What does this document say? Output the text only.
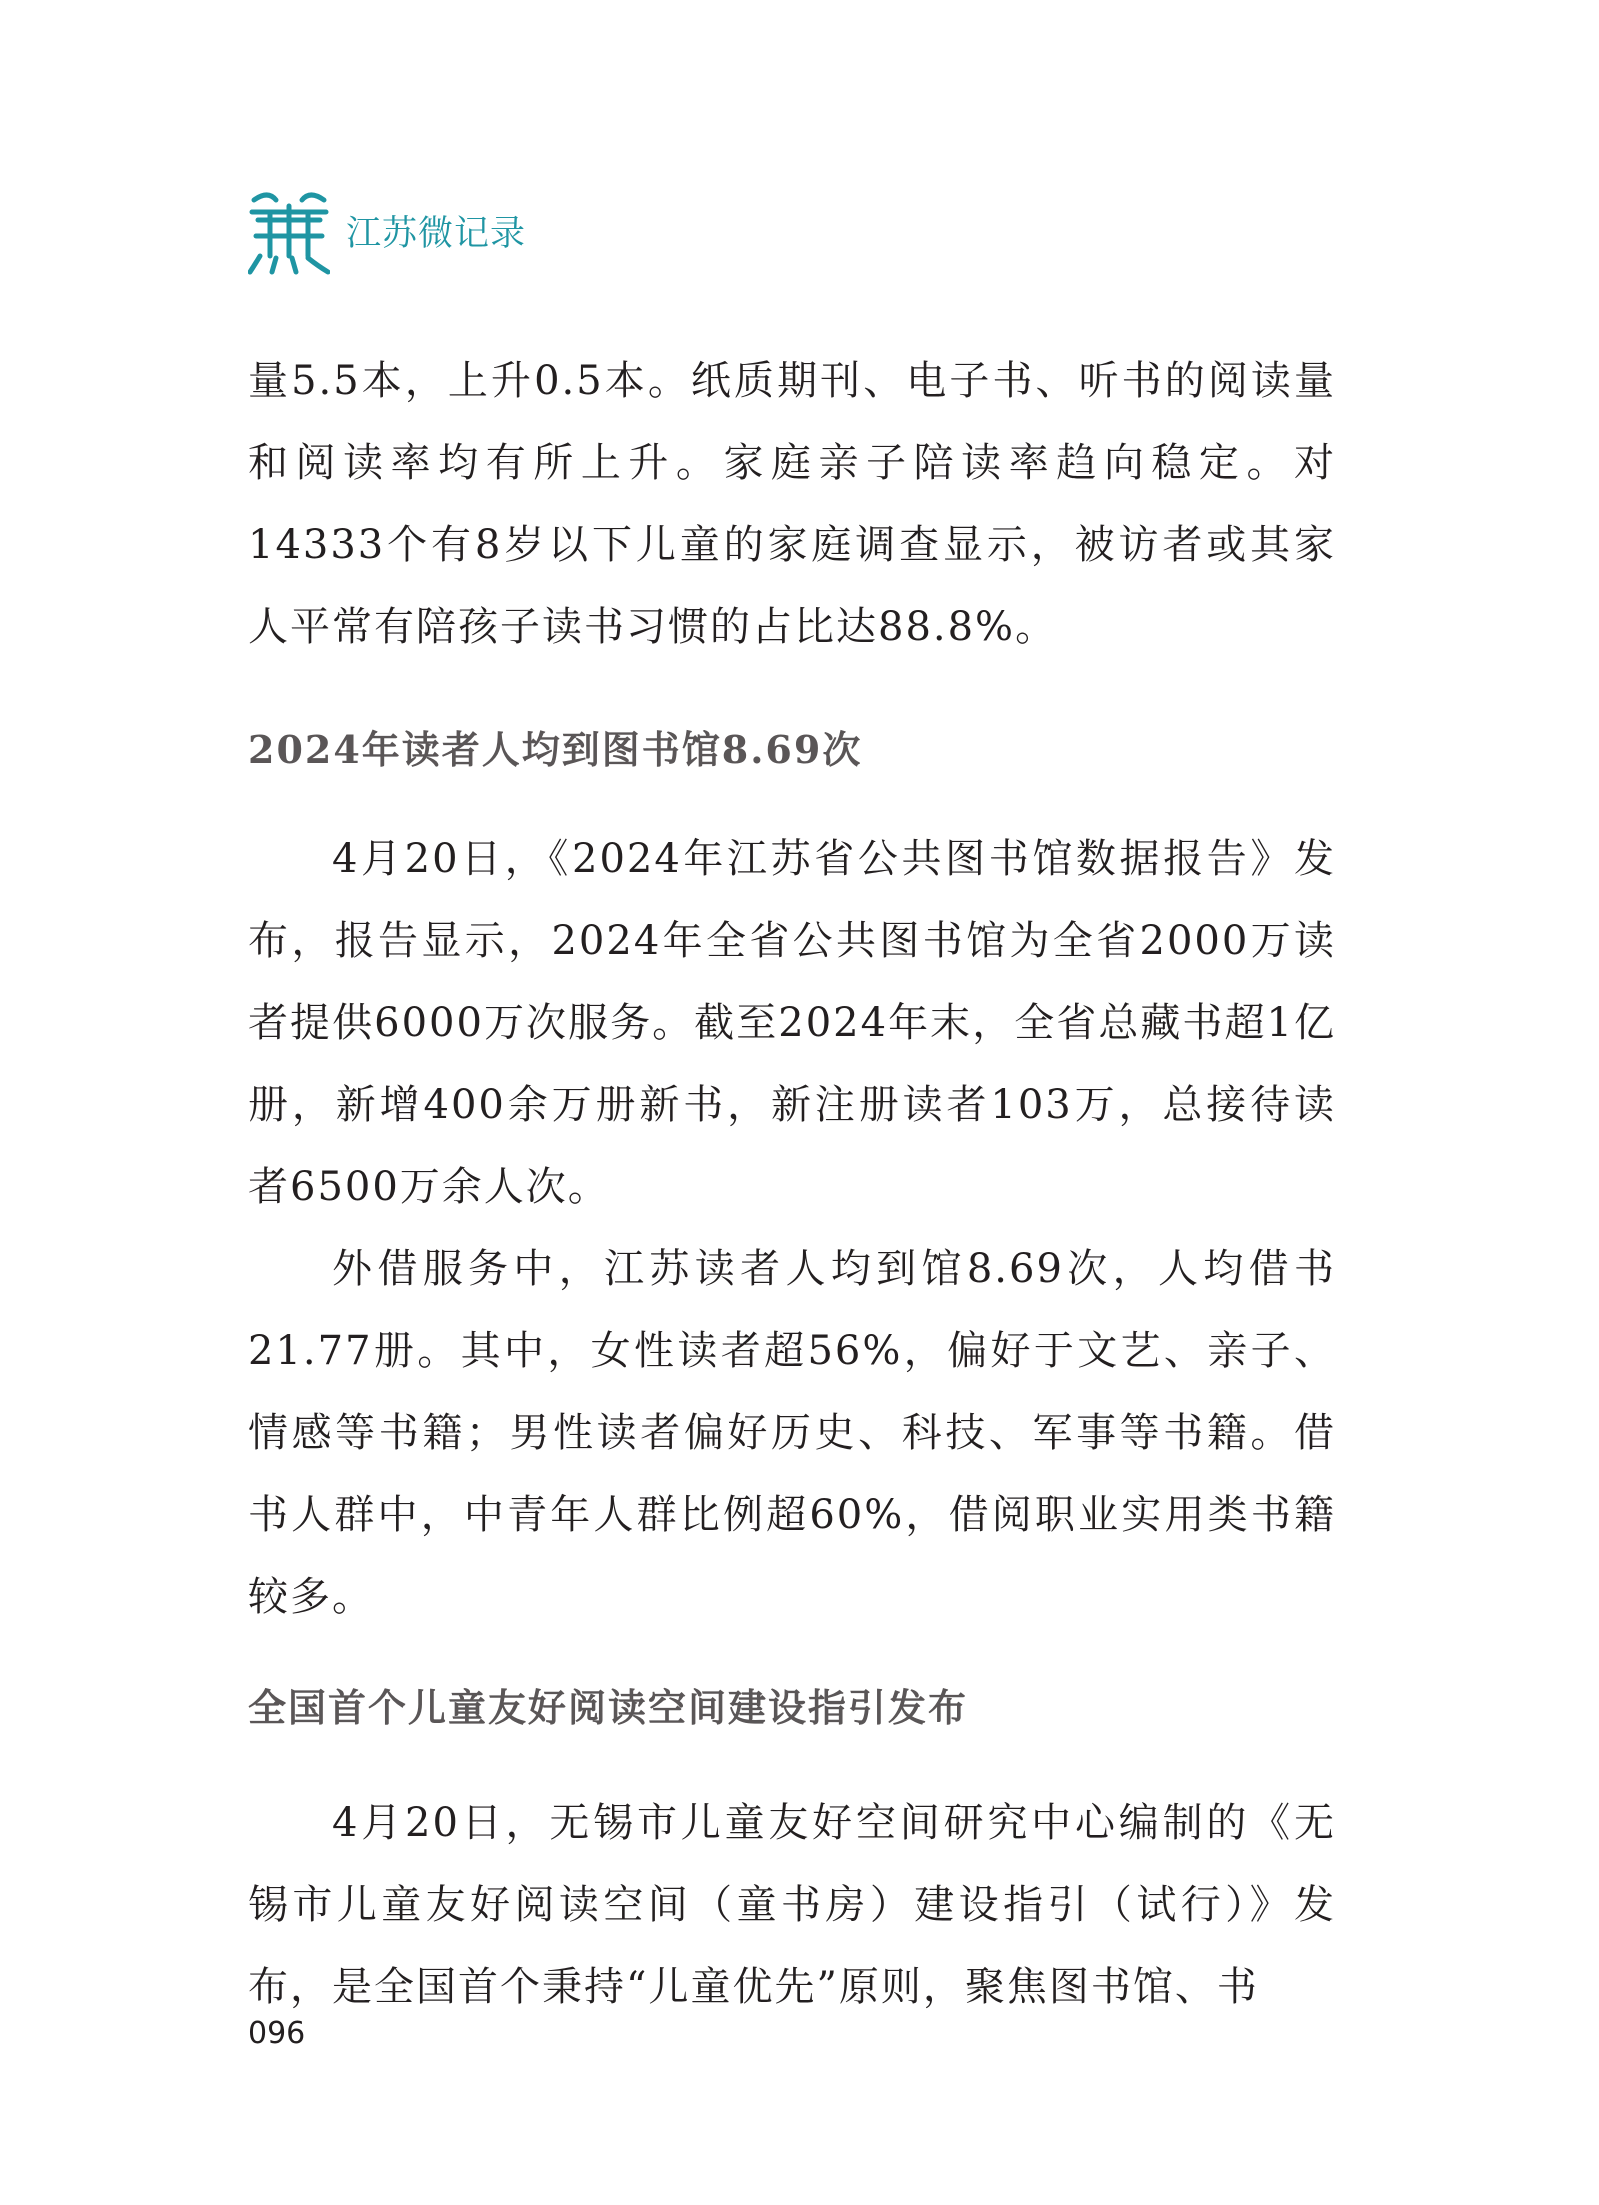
江苏微记录

量5.5本，上升0.5本。纸质期刊、电子书、听书的阅读量和阅读率均有所上升。家庭亲子陪读率趋向稳定。对14333个有8岁以下儿童的家庭调查显示，被访者或其家人平常有陪孩子读书习惯的占比达88.8%。

2024年读者人均到图书馆8.69次

4月20日，《2024年江苏省公共图书馆数据报告》发布，报告显示，2024年全省公共图书馆为全省2000万读者提供6000万次服务。截至2024年末，全省总藏书超1亿册，新增400余万册新书，新注册读者103万，总接待读者6500万余人次。

外借服务中，江苏读者人均到馆8.69次，人均借书21.77册。其中，女性读者超56%，偏好于文艺、亲子、情感等书籍；男性读者偏好历史、科技、军事等书籍。借书人群中，中青年人群比例超60%，借阅职业实用类书籍较多。

全国首个儿童友好阅读空间建设指引发布

4月20日，无锡市儿童友好空间研究中心编制的《无锡市儿童友好阅读空间（童书房）建设指引（试行）》发布，是全国首个秉持“儿童优先”原则，聚焦图书馆、书

096
